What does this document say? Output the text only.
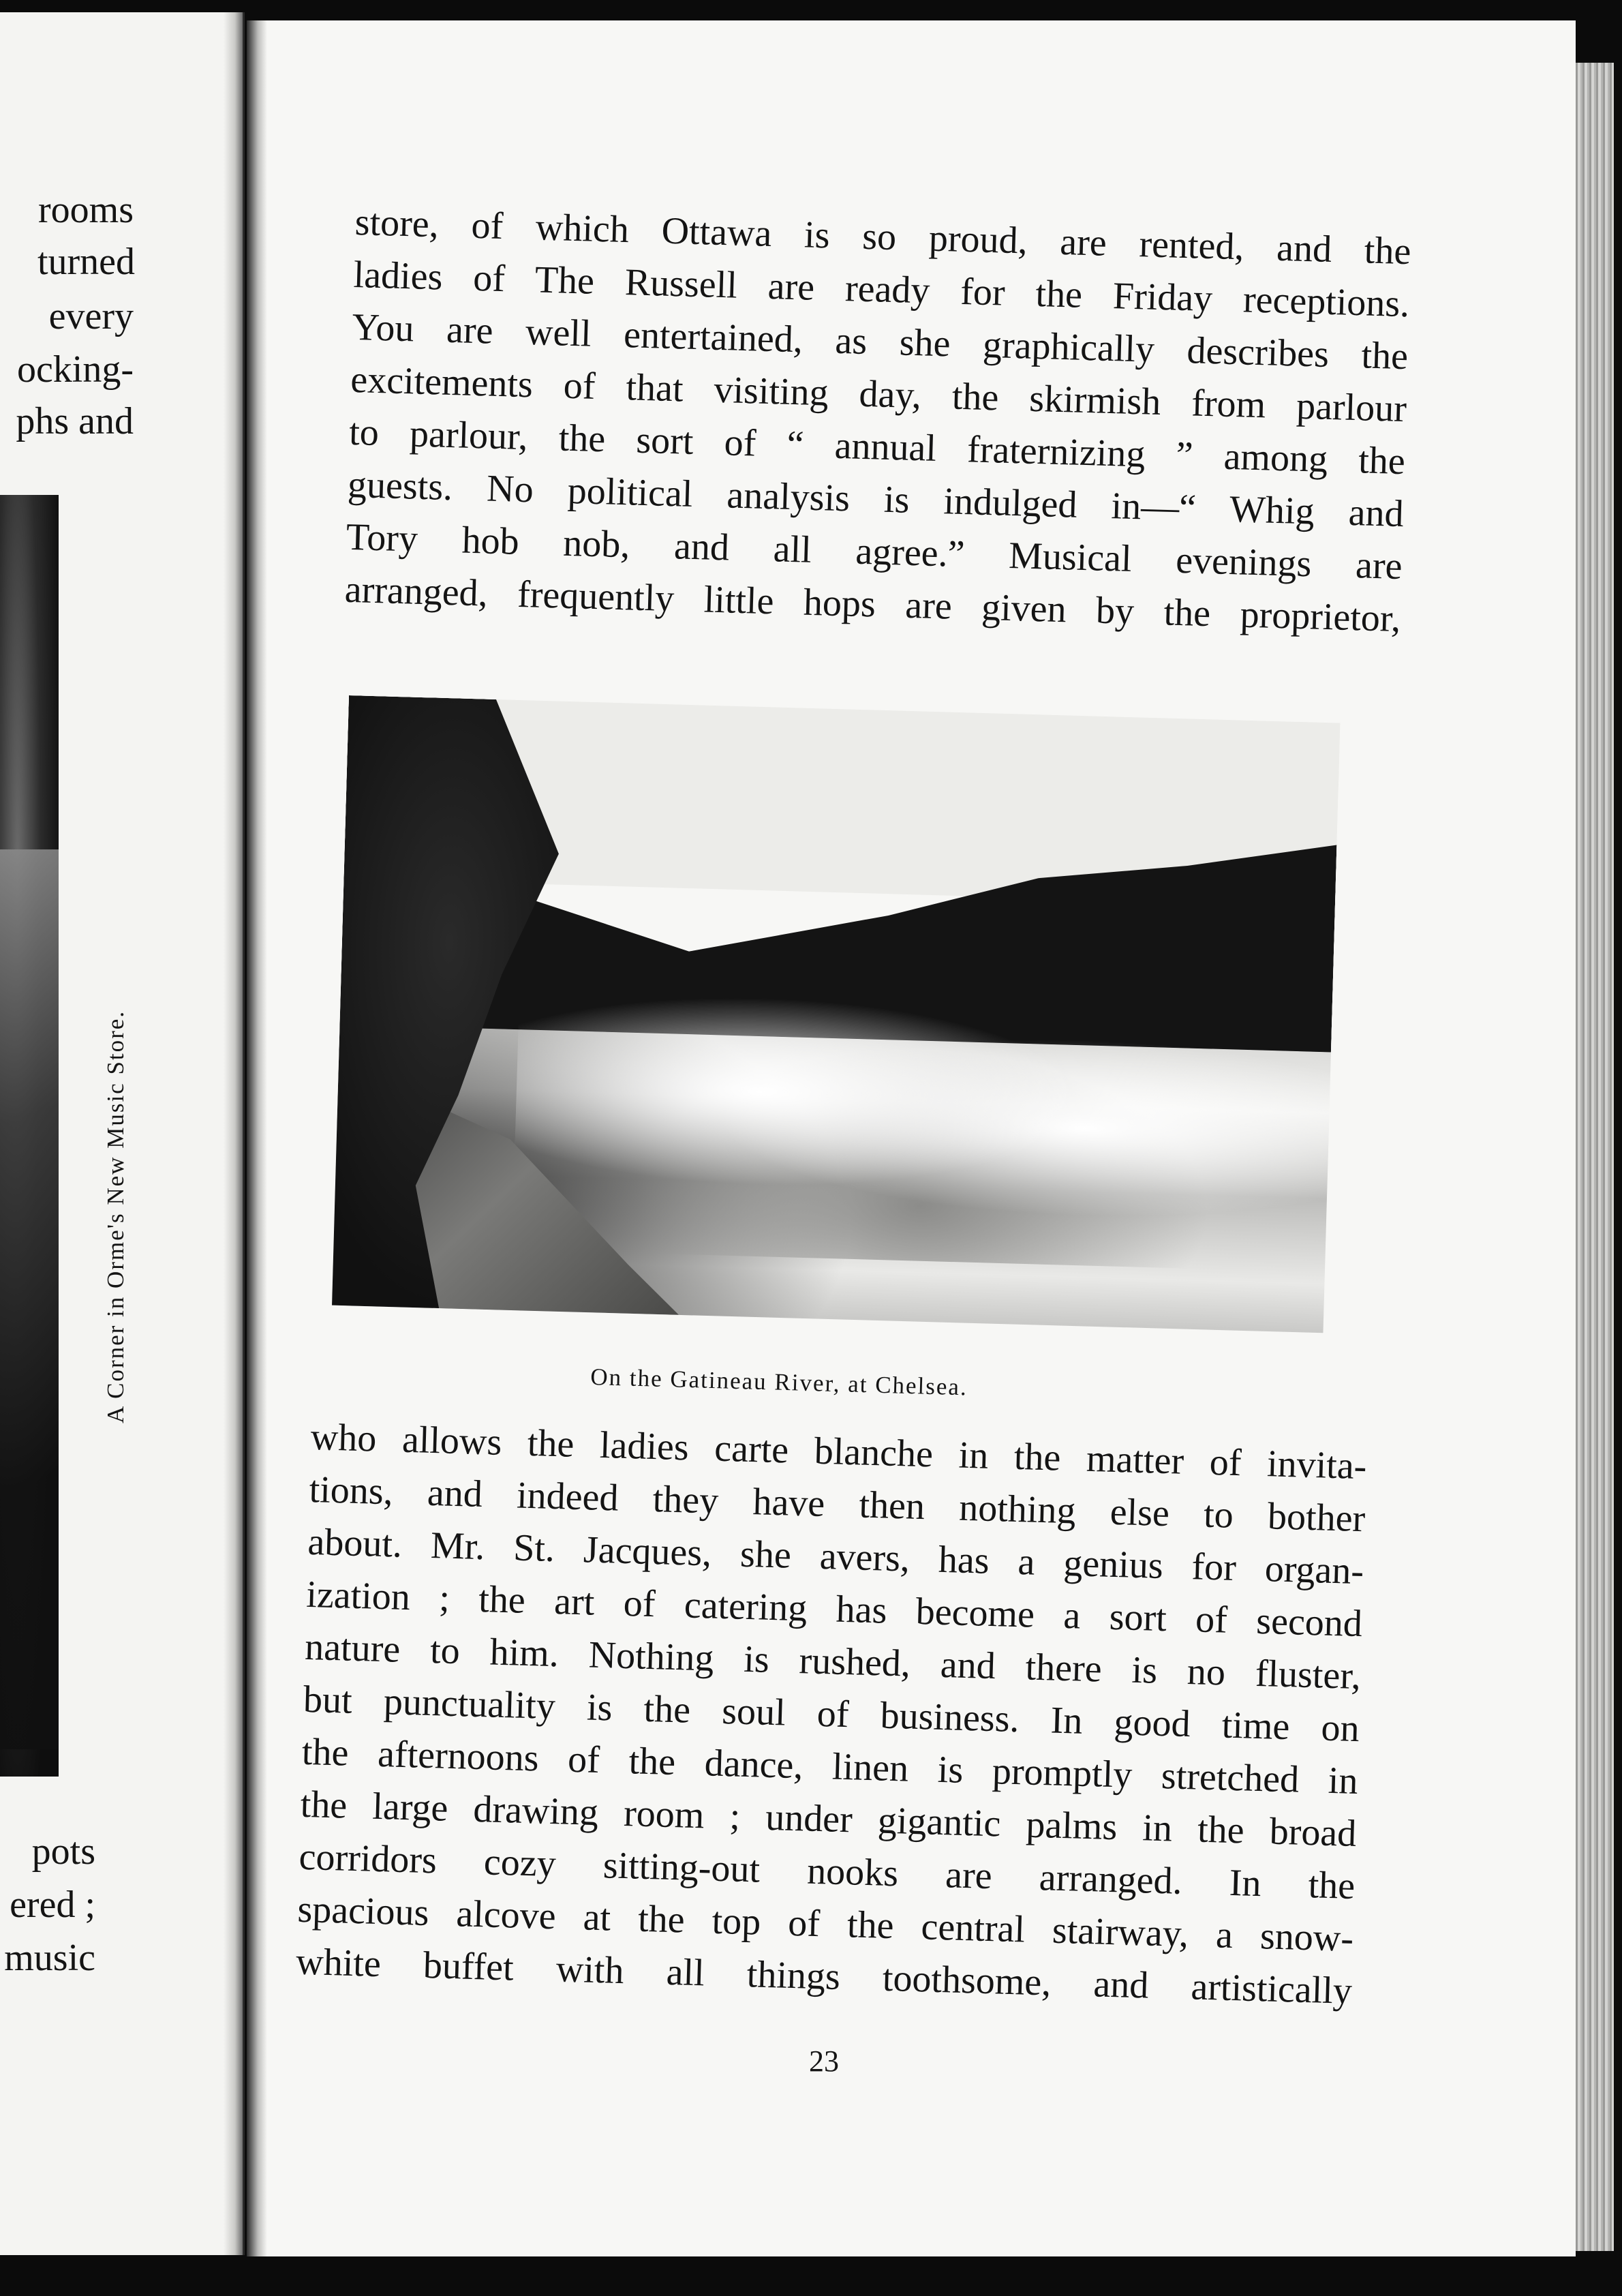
rooms
turned
every
ocking-
phs and
A Corner in Orme's New Music Store.
pots
ered ;
music
store, of which Ottawa is so proud, are rented, and the
ladies of The Russell are ready for the Friday receptions.
You are well entertained, as she graphically describes the
excitements of that visiting day, the skirmish from parlour
to parlour, the sort of “ annual fraternizing ” among the
guests. No political analysis is indulged in—“ Whig and
Tory hob nob, and all agree.” Musical evenings are
arranged, frequently little hops are given by the proprietor,
On the Gatineau River, at Chelsea.
who allows the ladies carte blanche in the matter of invita-
tions, and indeed they have then nothing else to bother
about. Mr. St. Jacques, she avers, has a genius for organ-
ization ; the art of catering has become a sort of second
nature to him. Nothing is rushed, and there is no fluster,
but punctuality is the soul of business. In good time on
the afternoons of the dance, linen is promptly stretched in
the large drawing room ; under gigantic palms in the broad
corridors cozy sitting-out nooks are arranged. In the
spacious alcove at the top of the central stairway, a snow-
white buffet with all things toothsome, and artistically
23
